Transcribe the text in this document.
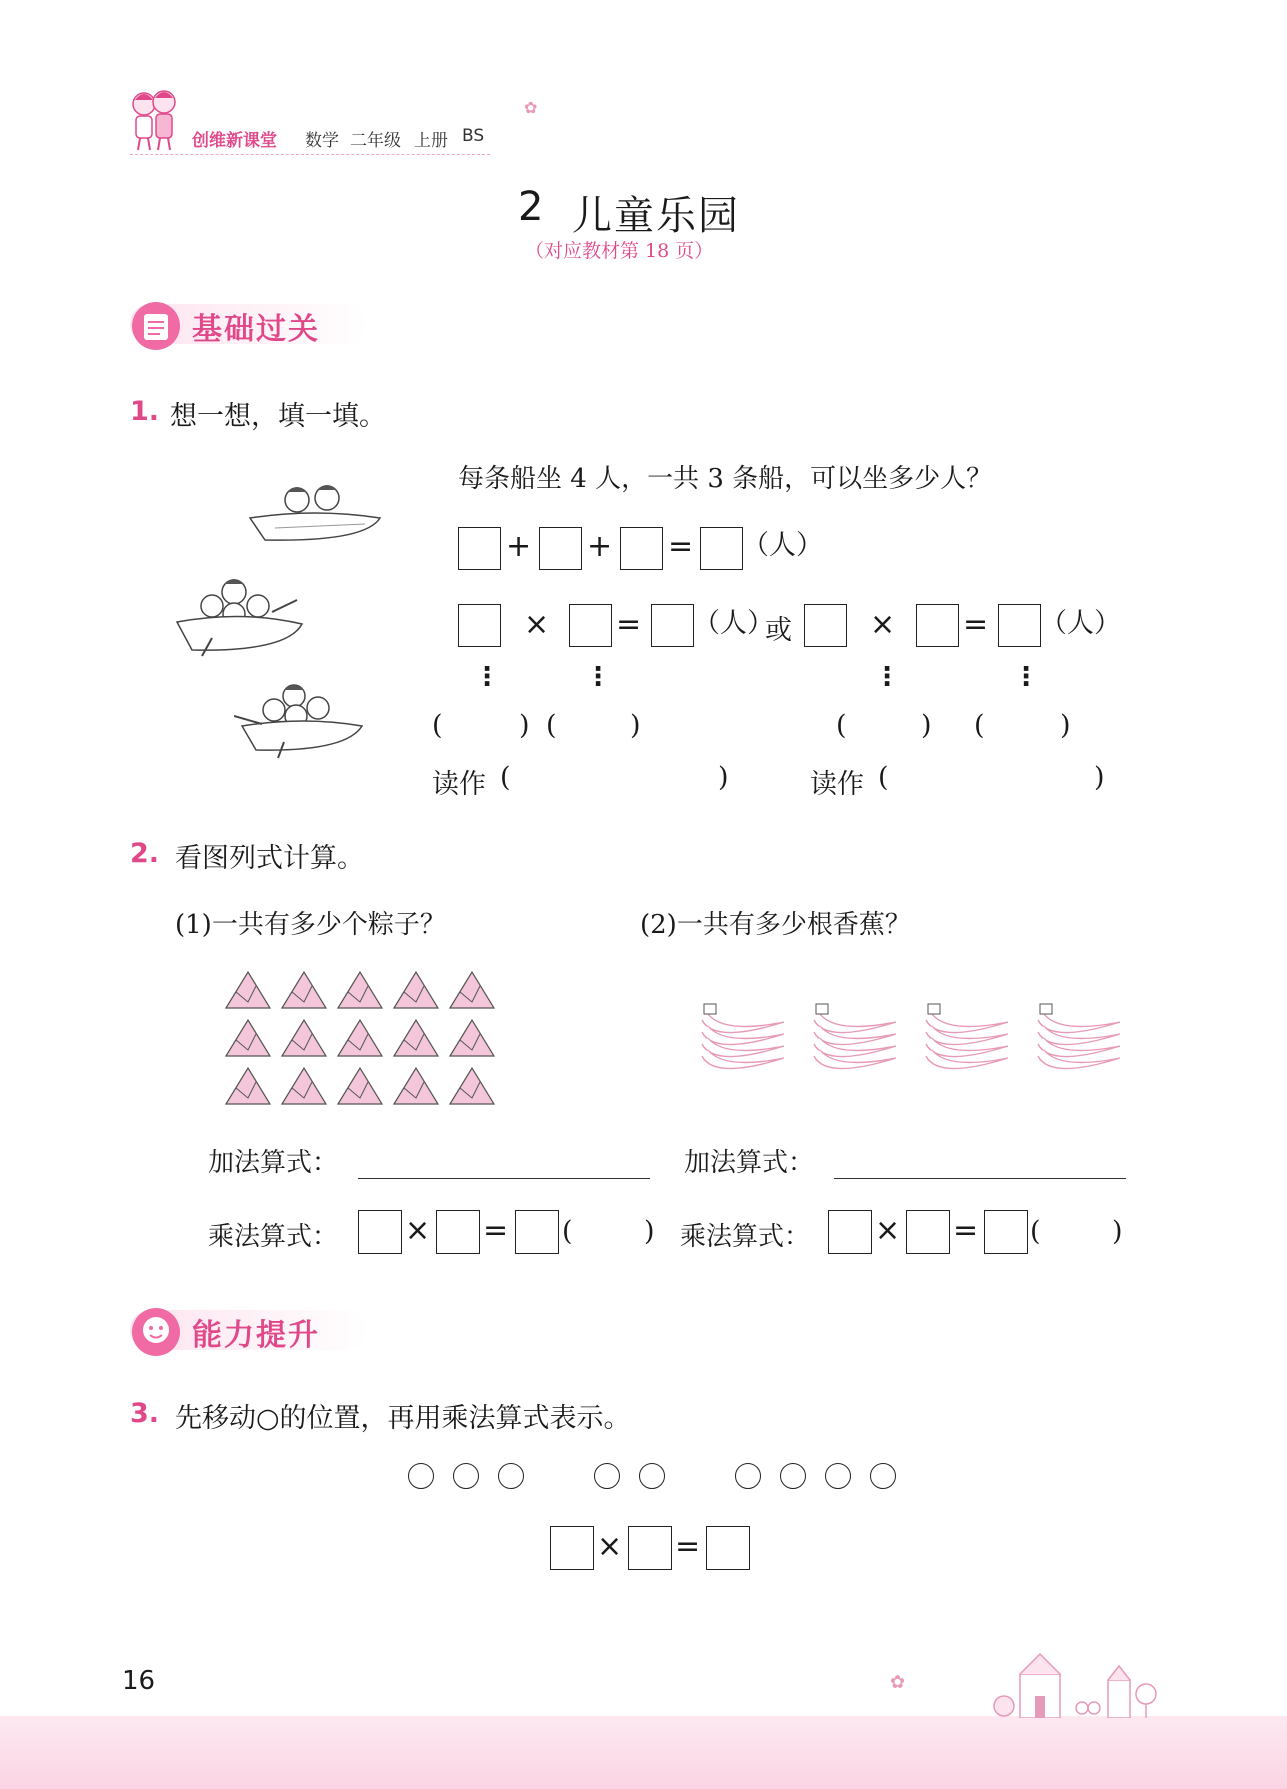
创维新课堂 数学 二年级 上册 BS
✿
2 儿童乐园
（对应教材第 18 页）
基础过关
1. 想一想，填一填。
每条船坐 4 人，一共 3 条船，可以坐多少人？
+ + = （人）
× = （人）
或	× = （人）
⋮	⋮	⋮	⋮
(	) (	)	(	) (	)
读作 (	)	读作 (	)
2. 看图列式计算。
(1)一共有多少个粽子？	(2)一共有多少根香蕉？
加法算式：
乘法算式： × = (	)
加法算式：
乘法算式： × = (	)
能力提升
3. 先移动○的位置，再用乘法算式表示。
× =
16	✿
